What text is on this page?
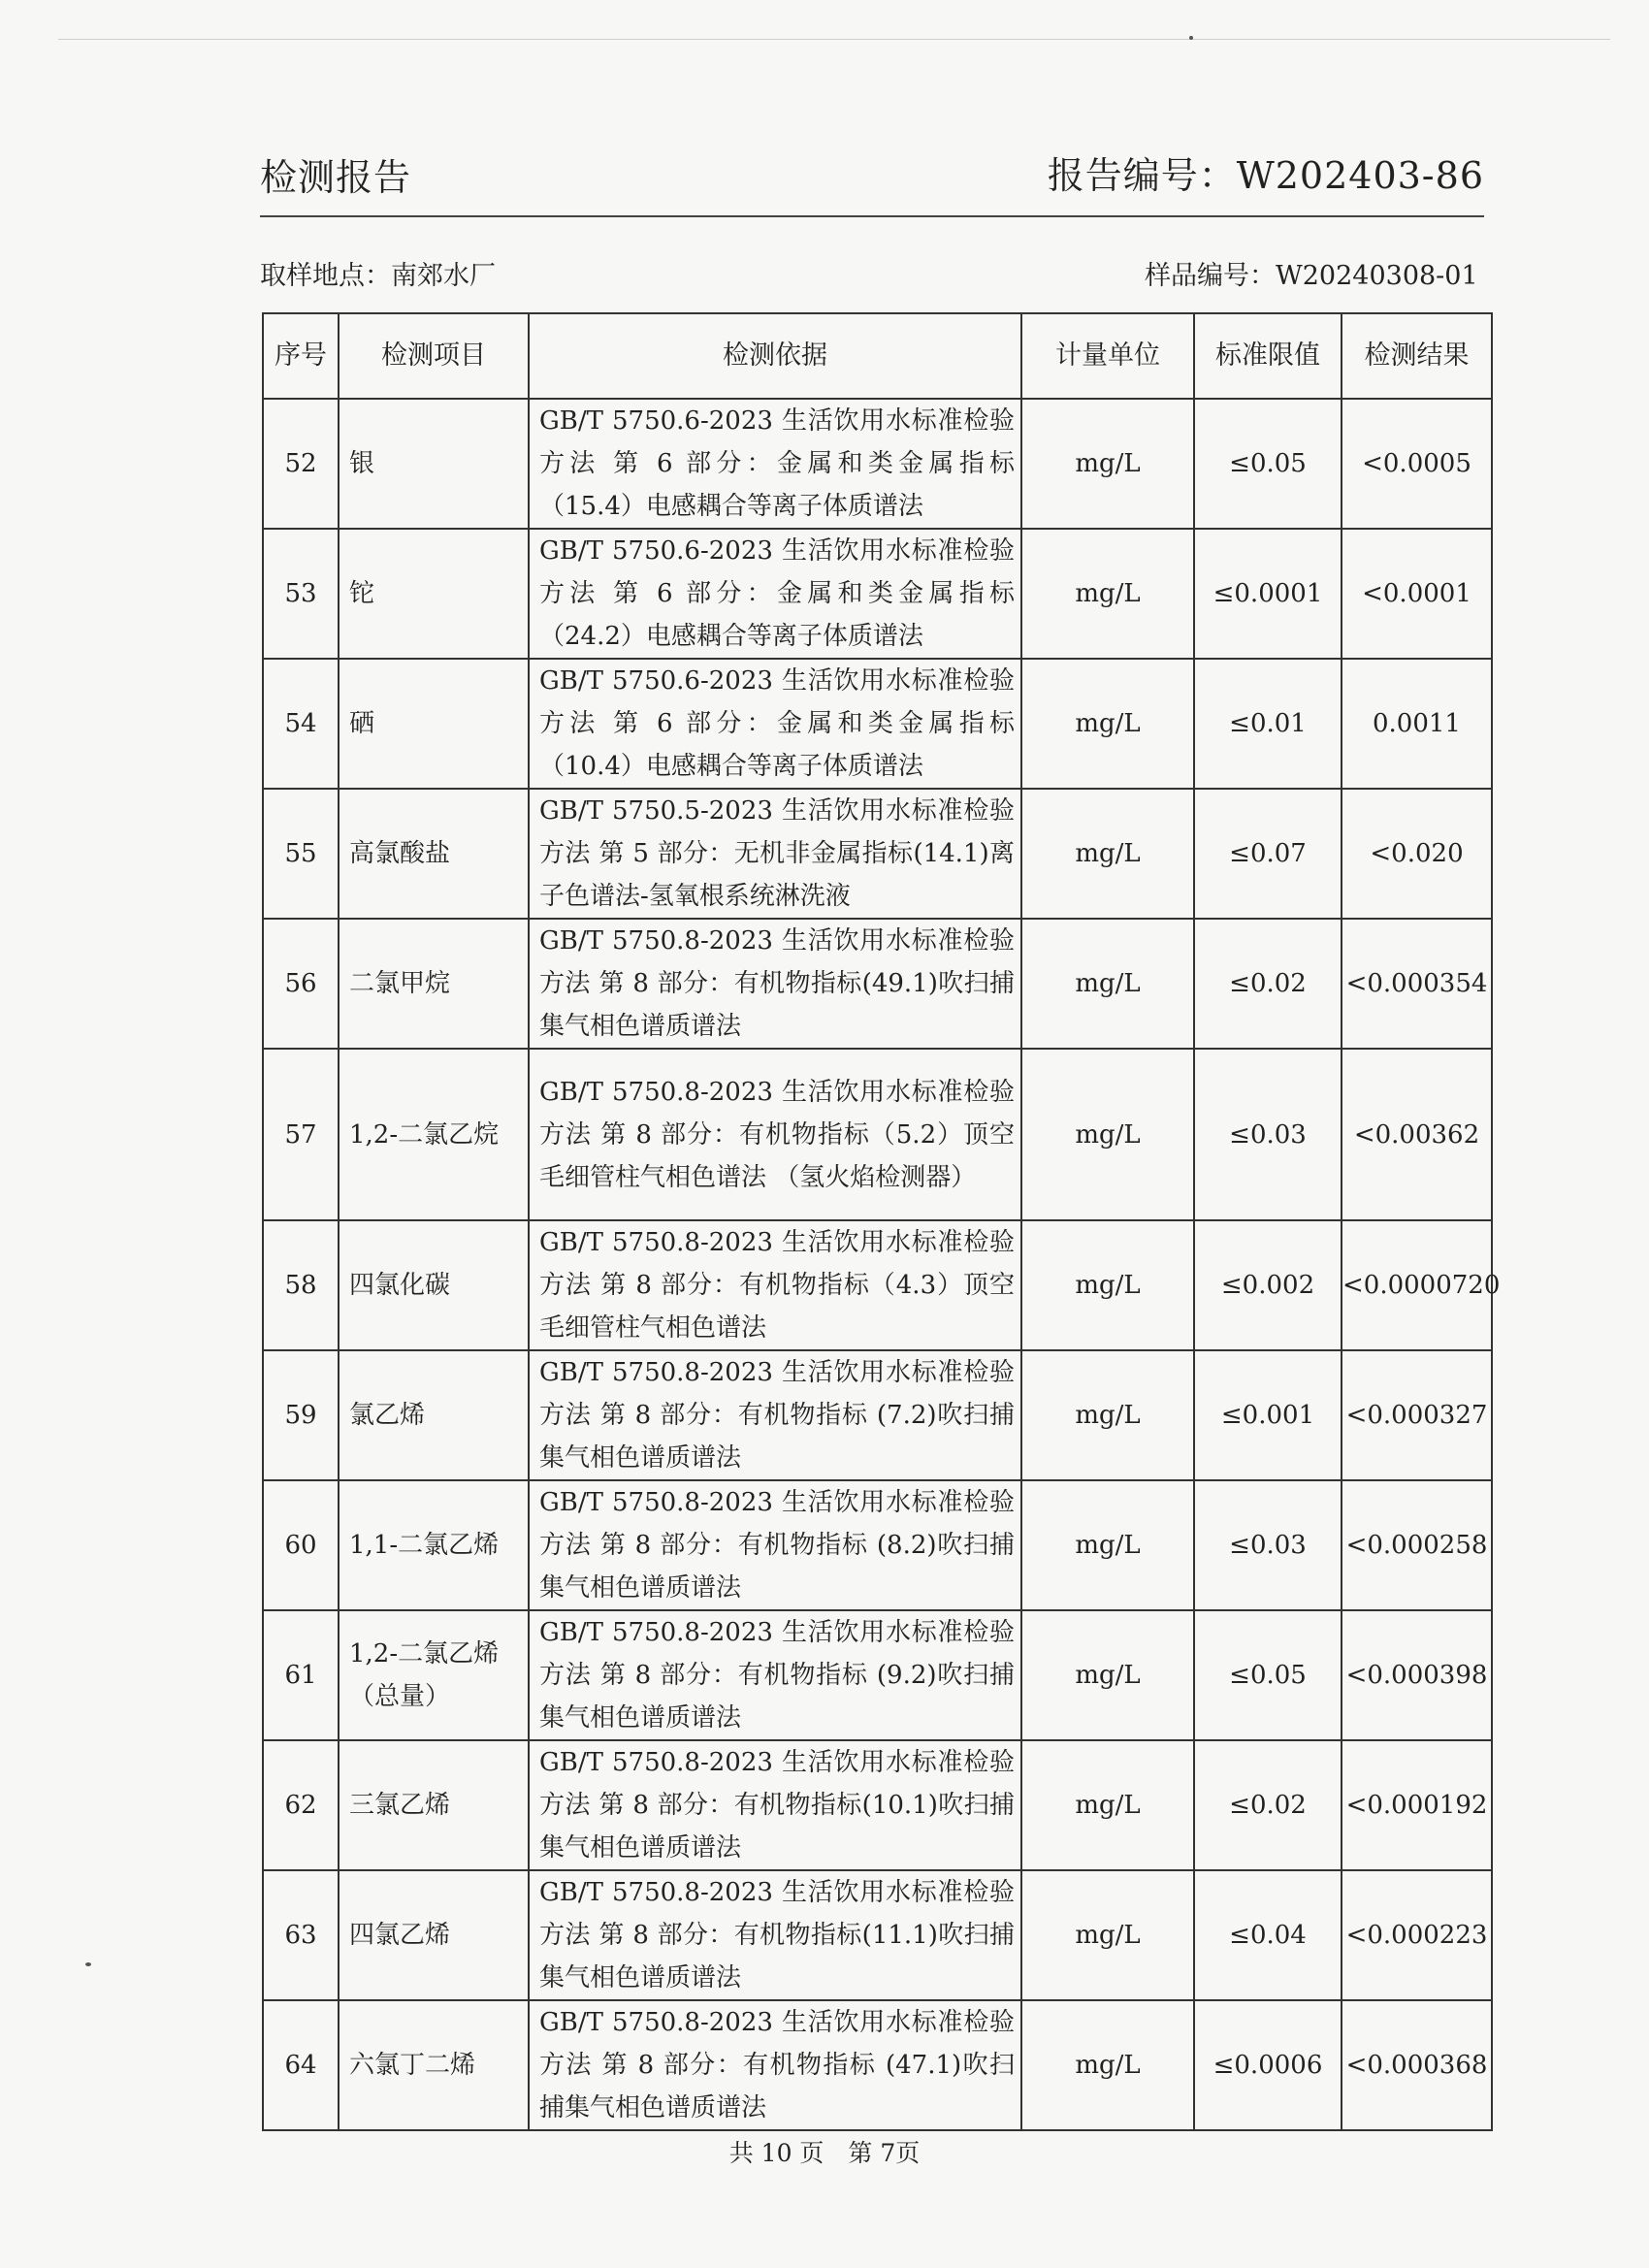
检测报告	报告编号：W202403-86
取样地点：南郊水厂	样品编号：W20240308-01
序号	检测项目	检测依据	计量单位	标准限值	检测结果
52	银	GB/T 5750.6-2023 生活饮用水标准检验方法 第 6 部分：金属和类金属指标（15.4）电感耦合等离子体质谱法	mg/L	≤0.05	<0.0005
53	铊	GB/T 5750.6-2023 生活饮用水标准检验方法 第 6 部分：金属和类金属指标（24.2）电感耦合等离子体质谱法	mg/L	≤0.0001	<0.0001
54	硒	GB/T 5750.6-2023 生活饮用水标准检验方法 第 6 部分：金属和类金属指标（10.4）电感耦合等离子体质谱法	mg/L	≤0.01	0.0011
55	高氯酸盐	GB/T 5750.5-2023 生活饮用水标准检验方法 第 5 部分：无机非金属指标(14.1)离子色谱法-氢氧根系统淋洗液	mg/L	≤0.07	<0.020
56	二氯甲烷	GB/T 5750.8-2023 生活饮用水标准检验方法 第 8 部分：有机物指标(49.1)吹扫捕集气相色谱质谱法	mg/L	≤0.02	<0.000354
57	1,2-二氯乙烷	GB/T 5750.8-2023 生活饮用水标准检验方法 第 8 部分：有机物指标（5.2）顶空毛细管柱气相色谱法 （氢火焰检测器）	mg/L	≤0.03	<0.00362
58	四氯化碳	GB/T 5750.8-2023 生活饮用水标准检验方法 第 8 部分：有机物指标（4.3）顶空毛细管柱气相色谱法	mg/L	≤0.002	<0.0000720
59	氯乙烯	GB/T 5750.8-2023 生活饮用水标准检验方法 第 8 部分：有机物指标 (7.2)吹扫捕集气相色谱质谱法	mg/L	≤0.001	<0.000327
60	1,1-二氯乙烯	GB/T 5750.8-2023 生活饮用水标准检验方法 第 8 部分：有机物指标 (8.2)吹扫捕集气相色谱质谱法	mg/L	≤0.03	<0.000258
61	1,2-二氯乙烯（总量）	GB/T 5750.8-2023 生活饮用水标准检验方法 第 8 部分：有机物指标 (9.2)吹扫捕集气相色谱质谱法	mg/L	≤0.05	<0.000398
62	三氯乙烯	GB/T 5750.8-2023 生活饮用水标准检验方法 第 8 部分：有机物指标(10.1)吹扫捕集气相色谱质谱法	mg/L	≤0.02	<0.000192
63	四氯乙烯	GB/T 5750.8-2023 生活饮用水标准检验方法 第 8 部分：有机物指标(11.1)吹扫捕集气相色谱质谱法	mg/L	≤0.04	<0.000223
64	六氯丁二烯	GB/T 5750.8-2023 生活饮用水标准检验方法 第 8 部分：有机物指标 (47.1)吹扫捕集气相色谱质谱法	mg/L	≤0.0006	<0.000368
共 10 页　第 7页
